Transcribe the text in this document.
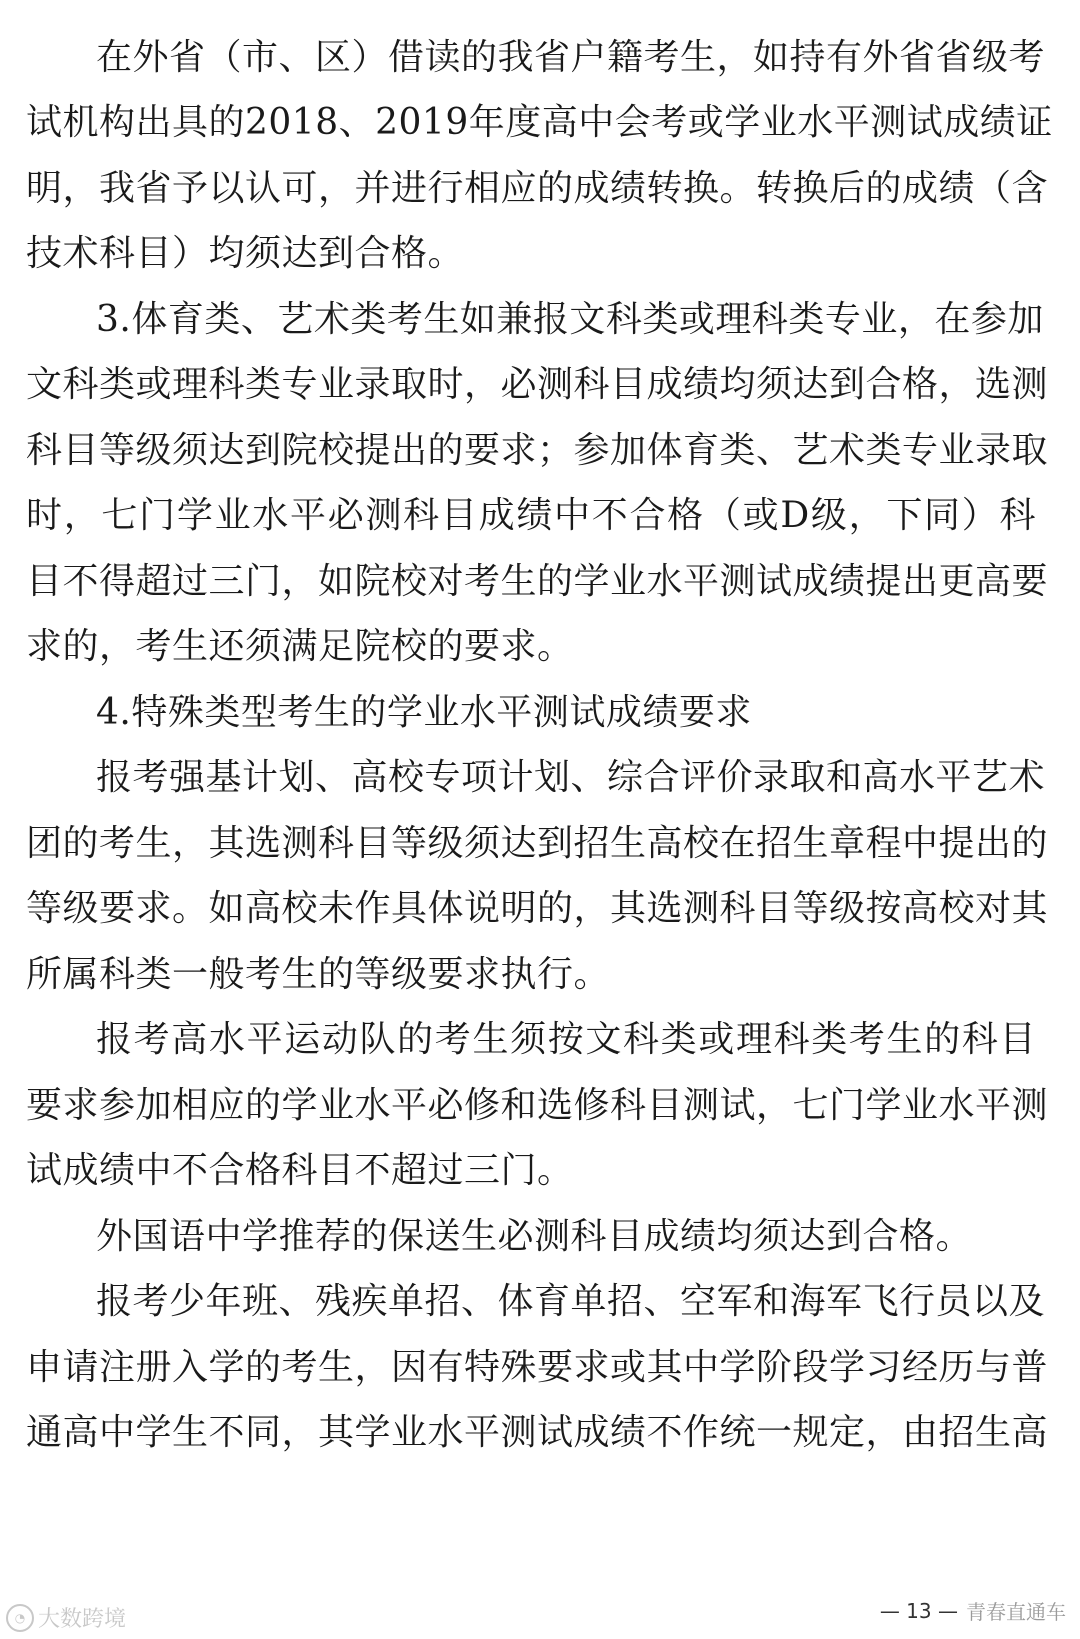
在外省（市、区）借读的我省户籍考生，如持有外省省级考
试机构出具的2018、2019年度高中会考或学业水平测试成绩证
明，我省予以认可，并进行相应的成绩转换。转换后的成绩（含
技术科目）均须达到合格。
3.体育类、艺术类考生如兼报文科类或理科类专业，在参加
文科类或理科类专业录取时，必测科目成绩均须达到合格，选测
科目等级须达到院校提出的要求；参加体育类、艺术类专业录取
时，七门学业水平必测科目成绩中不合格（或D级，下同）科
目不得超过三门，如院校对考生的学业水平测试成绩提出更高要
求的，考生还须满足院校的要求。
4.特殊类型考生的学业水平测试成绩要求
报考强基计划、高校专项计划、综合评价录取和高水平艺术
团的考生，其选测科目等级须达到招生高校在招生章程中提出的
等级要求。如高校未作具体说明的，其选测科目等级按高校对其
所属科类一般考生的等级要求执行。
报考高水平运动队的考生须按文科类或理科类考生的科目
要求参加相应的学业水平必修和选修科目测试，七门学业水平测
试成绩中不合格科目不超过三门。
外国语中学推荐的保送生必测科目成绩均须达到合格。
报考少年班、残疾单招、体育单招、空军和海军飞行员以及
申请注册入学的考生，因有特殊要求或其中学阶段学习经历与普
通高中学生不同，其学业水平测试成绩不作统一规定，由招生高
◔ 大数跨境	— 13 — 青春直通车
